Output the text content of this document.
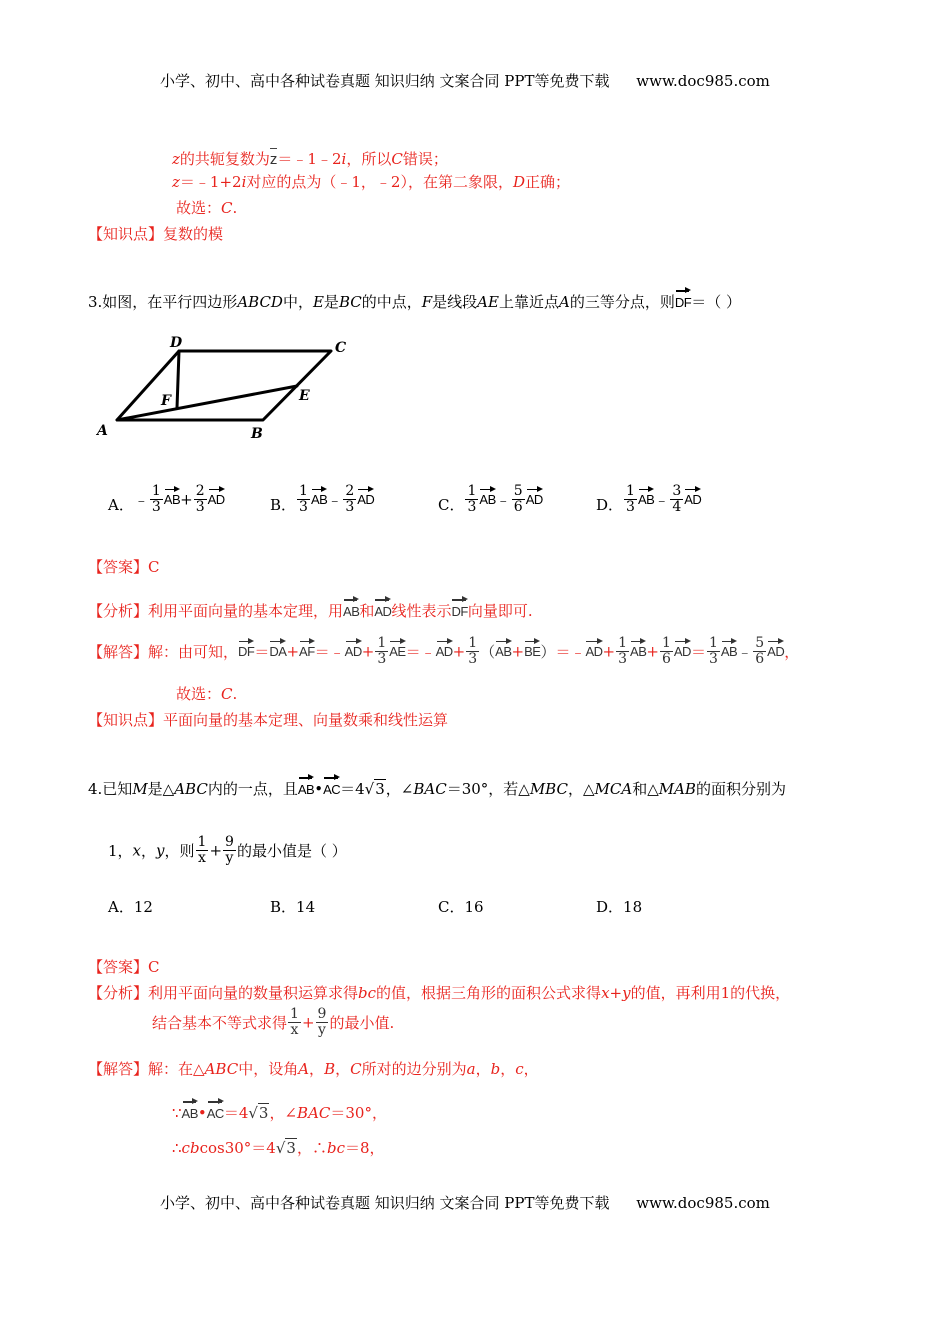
小学、初中、高中各种试卷真题 知识归纳 文案合同 PPT等免费下载 www.doc985.com
z的共轭复数为z＝﹣1﹣2i，所以C错误；
z＝﹣1+2i对应的点为（﹣1，﹣2），在第二象限，D正确；
故选：C.
【知识点】复数的模
3.如图，在平行四边形ABCD中，E是BC的中点，F是线段AE上靠近点A的三等分点，则DF＝（ ）
A	B
C
D
E
F
A．﹣ $\frac{1}{3} AB+ \frac{2}{3}$ AD	B． $\frac{1}{3}$ AB﹣ $\frac{2}{3}$ AD	C． $\frac{1}{3}$ AB﹣ $\frac{5}{6}$ AD	D． $\frac{1}{3}$ AB﹣ $\frac{3}{4}$ AD
【答案】C
【分析】利用平面向量的基本定理，用AB和AD线性表示DF向量即可.
【解答】解：由可知，DF＝DA+AF＝﹣AD+ $\frac{1}{3}$ AE＝﹣AD+ $\frac{1}{3}$ （AB+BE）＝﹣AD+ $\frac{1}{3} AB+ \frac{1}{6} AD= \frac{1}{3}$ AB﹣ $\frac{5}{6}$ AD，
故选：C.
【知识点】平面向量的基本定理、向量数乘和线性运算
4.已知M是△ABC内的一点，且AB•AC＝4√3，∠BAC＝30°，若△MBC，△MCA和△MAB的面积分别为
1，x，y，则 $\frac{1}{x} + \frac{9}{y}$ 的最小值是（ ）
A．12	B．14	C．16	D．18
【答案】C
【分析】利用平面向量的数量积运算求得bc的值，根据三角形的面积公式求得x+y的值，再利用1的代换，
结合基本不等式求得 $\frac{1}{x} + \frac{9}{y}$ 的最小值.
【解答】解：在△ABC中，设角A，B，C所对的边分别为a，b，c，
∵AB•AC＝4√3，∠BAC＝30°，
∴cbcos30°＝4√3，∴bc＝8，
小学、初中、高中各种试卷真题 知识归纳 文案合同 PPT等免费下载 www.doc985.com
